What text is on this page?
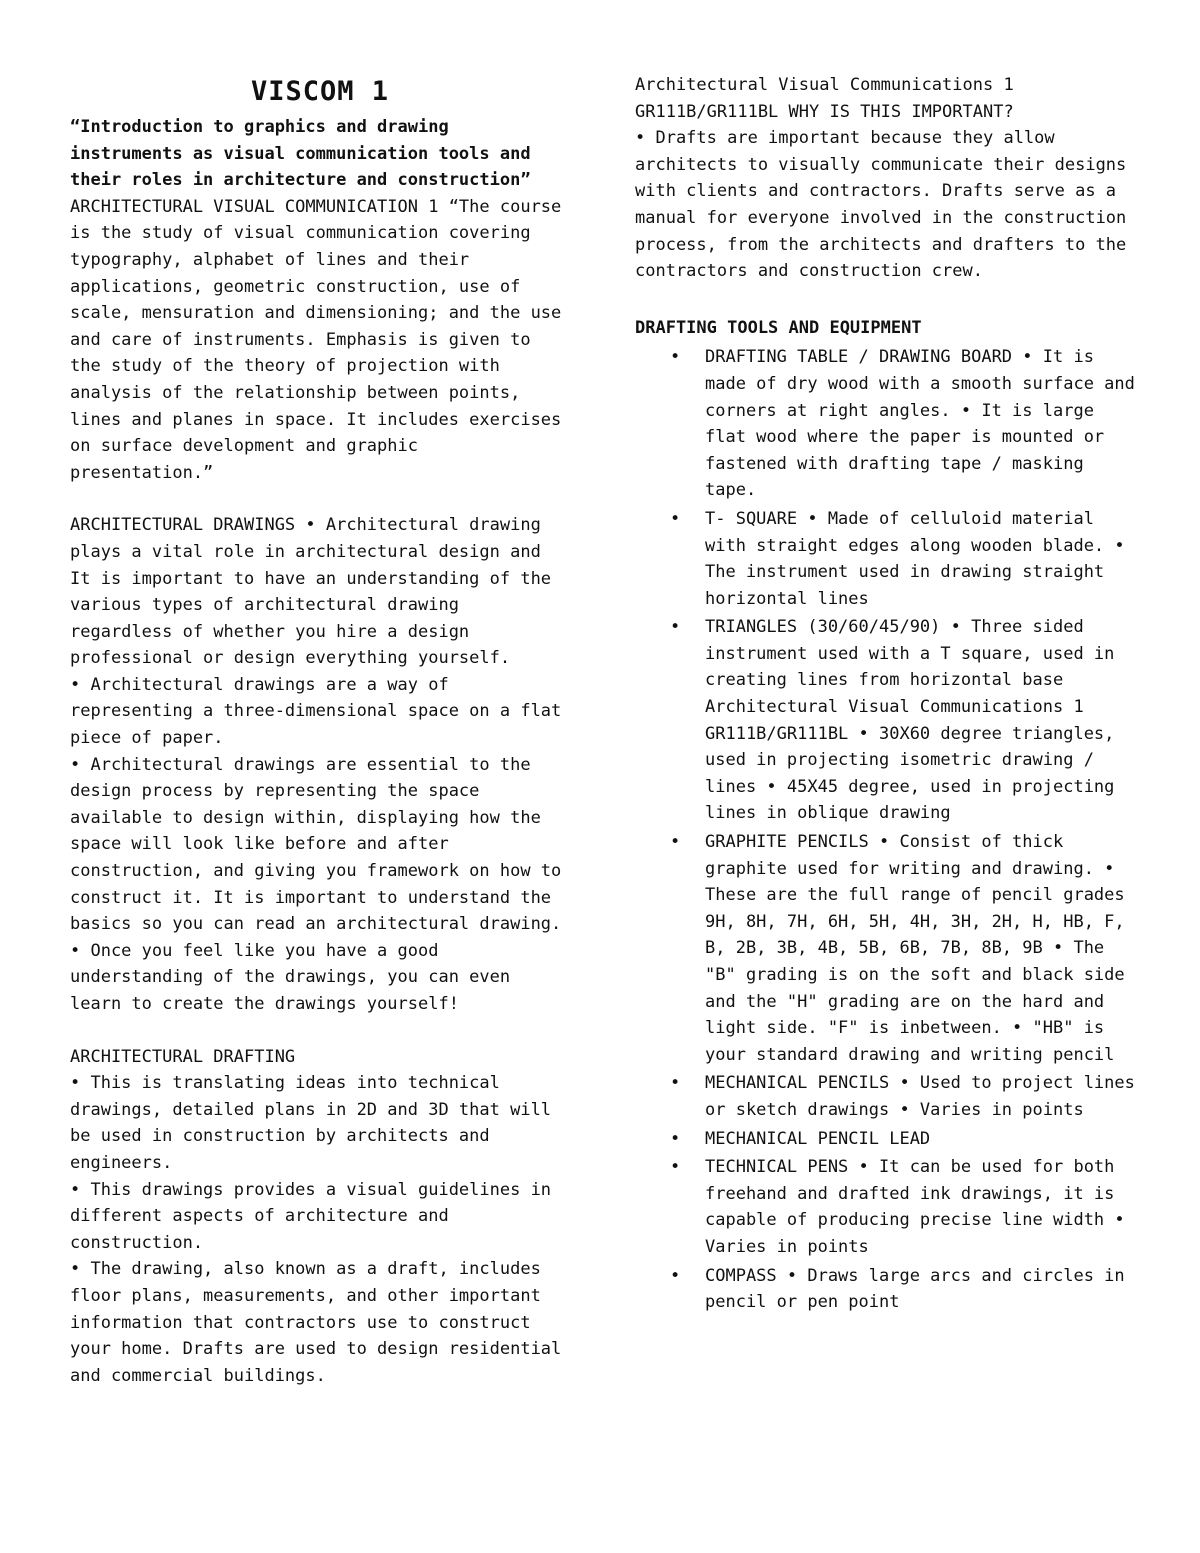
VISCOM 1

“Introduction to graphics and drawing instruments as visual communication tools and their roles in architecture and construction”

ARCHITECTURAL VISUAL COMMUNICATION 1 “The course is the study of visual communication covering typography, alphabet of lines and their applications, geometric construction, use of scale, mensuration and dimensioning; and the use and care of instruments. Emphasis is given to the study of the theory of projection with analysis of the relationship between points, lines and planes in space. It includes exercises on surface development and graphic presentation.”

ARCHITECTURAL DRAWINGS • Architectural drawing plays a vital role in architectural design and It is important to have an understanding of the various types of architectural drawing regardless of whether you hire a design professional or design everything yourself.

• Architectural drawings are a way of representing a three-dimensional space on a flat piece of paper.

• Architectural drawings are essential to the design process by representing the space available to design within, displaying how the space will look like before and after construction, and giving you framework on how to construct it. It is important to understand the basics so you can read an architectural drawing.

• Once you feel like you have a good understanding of the drawings, you can even learn to create the drawings yourself!

ARCHITECTURAL DRAFTING

• This is translating ideas into technical drawings, detailed plans in 2D and 3D that will be used in construction by architects and engineers.

• This drawings provides a visual guidelines in different aspects of architecture and construction.

• The drawing, also known as a draft, includes floor plans, measurements, and other important information that contractors use to construct your home. Drafts are used to design residential and commercial buildings.

Architectural Visual Communications 1

GR111B/GR111BL WHY IS THIS IMPORTANT?

• Drafts are important because they allow architects to visually communicate their designs with clients and contractors. Drafts serve as a manual for everyone involved in the construction process, from the architects and drafters to the contractors and construction crew.

DRAFTING TOOLS AND EQUIPMENT

• DRAFTING TABLE / DRAWING BOARD • It is made of dry wood with a smooth surface and corners at right angles. • It is large flat wood where the paper is mounted or fastened with drafting tape / masking tape.
• T- SQUARE • Made of celluloid material with straight edges along wooden blade. • The instrument used in drawing straight horizontal lines
• TRIANGLES (30/60/45/90) • Three sided instrument used with a T square, used in creating lines from horizontal base Architectural Visual Communications 1 GR111B/GR111BL • 30X60 degree triangles, used in projecting isometric drawing / lines • 45X45 degree, used in projecting lines in oblique drawing
• GRAPHITE PENCILS • Consist of thick graphite used for writing and drawing. • These are the full range of pencil grades 9H, 8H, 7H, 6H, 5H, 4H, 3H, 2H, H, HB, F, B, 2B, 3B, 4B, 5B, 6B, 7B, 8B, 9B • The "B" grading is on the soft and black side and the "H" grading are on the hard and light side. "F" is inbetween. • "HB" is your standard drawing and writing pencil
• MECHANICAL PENCILS • Used to project lines or sketch drawings • Varies in points
• MECHANICAL PENCIL LEAD
• TECHNICAL PENS • It can be used for both freehand and drafted ink drawings, it is capable of producing precise line width • Varies in points
• COMPASS • Draws large arcs and circles in pencil or pen point
